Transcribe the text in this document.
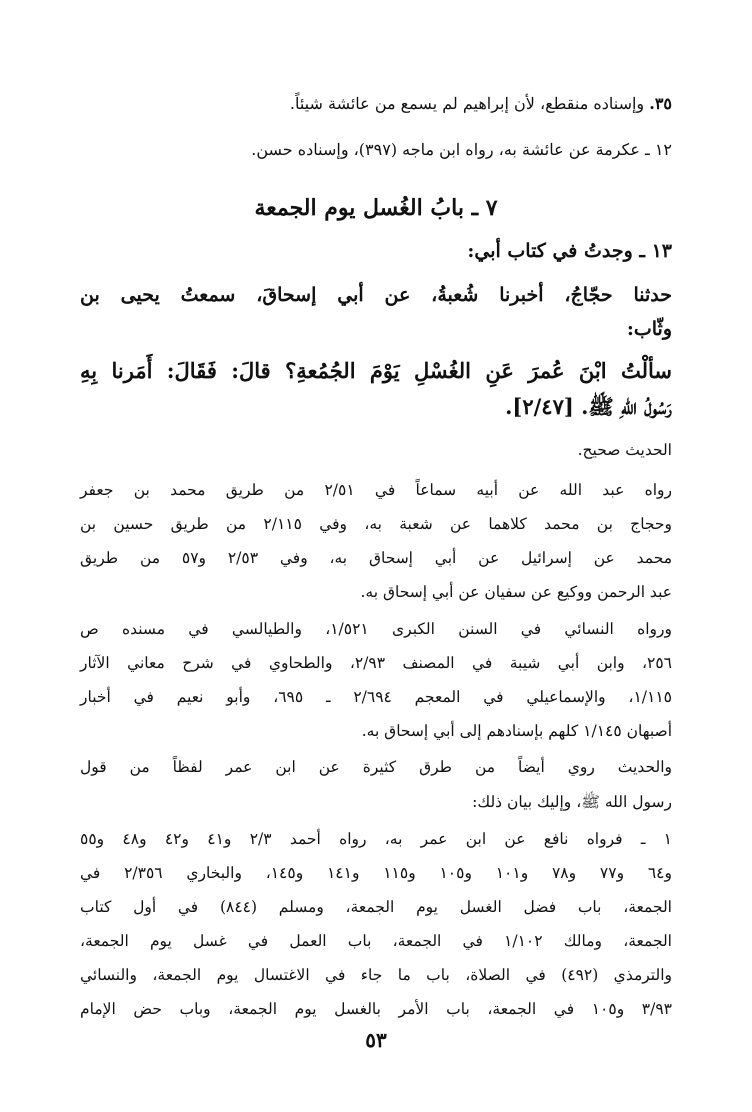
٣٥. وإسناده منقطع، لأن إبراهيم لم يسمع من عائشة شيئاً.
١٢ ـ عكرمة عن عائشة به، رواه ابن ماجه (٣٩٧)، وإسناده حسن.
٧ ـ بابُ الغُسل يوم الجمعة
١٣ ـ وجدتُ في كتاب أبي:
حدثنا حجّاجُ، أخبرنا شُعبةُ، عن أبي إسحاقَ، سمعتُ يحيى بن
وثّاب:
سألْتُ ابْنَ عُمرَ عَنِ الغُسْلِ يَوْمَ الجُمُعةِ؟ قالَ: فَقَالَ: أَمَرنا بِهِ
رَسُولُ اللّهِ ﷺ. [٢/٤٧].
الحديث صحيح.
رواه عبد الله عن أبيه سماعاً في ٢/٥١ من طريق محمد بن جعفر
وحجاج بن محمد كلاهما عن شعبة به، وفي ٢/١١٥ من طريق حسين بن
محمد عن إسرائيل عن أبي إسحاق به، وفي ٢/٥٣ و٥٧ من طريق
عبد الرحمن ووكيع عن سفيان عن أبي إسحاق به.
ورواه النسائي في السنن الكبرى ١/٥٢١، والطيالسي في مسنده ص
٢٥٦، وابن أبي شيبة في المصنف ٢/٩٣، والطحاوي في شرح معاني الآثار
١/١١٥، والإسماعيلي في المعجم ٢/٦٩٤ ـ ٦٩٥، وأبو نعيم في أخبار
أصبهان ١/١٤٥ كلهم بإسنادهم إلى أبي إسحاق به.
والحديث روي أيضاً من طرق كثيرة عن ابن عمر لفظاً من قول
رسول الله ﷺ، وإليك بيان ذلك:
١ ـ فرواه نافع عن ابن عمر به، رواه أحمد ٢/٣ و٤١ و٤٢ و٤٨ و٥٥
و٦٤ و٧٧ و٧٨ و١٠١ و١٠٥ و١١٥ و١٤١ و١٤٥، والبخاري ٢/٣٥٦ في
الجمعة، باب فضل الغسل يوم الجمعة، ومسلم (٨٤٤) في أول كتاب
الجمعة، ومالك ١/١٠٢ في الجمعة، باب العمل في غسل يوم الجمعة،
والترمذي (٤٩٢) في الصلاة، باب ما جاء في الاغتسال يوم الجمعة، والنسائي
٣/٩٣ و١٠٥ في الجمعة، باب الأمر بالغسل يوم الجمعة، وباب حض الإمام
٥٣
